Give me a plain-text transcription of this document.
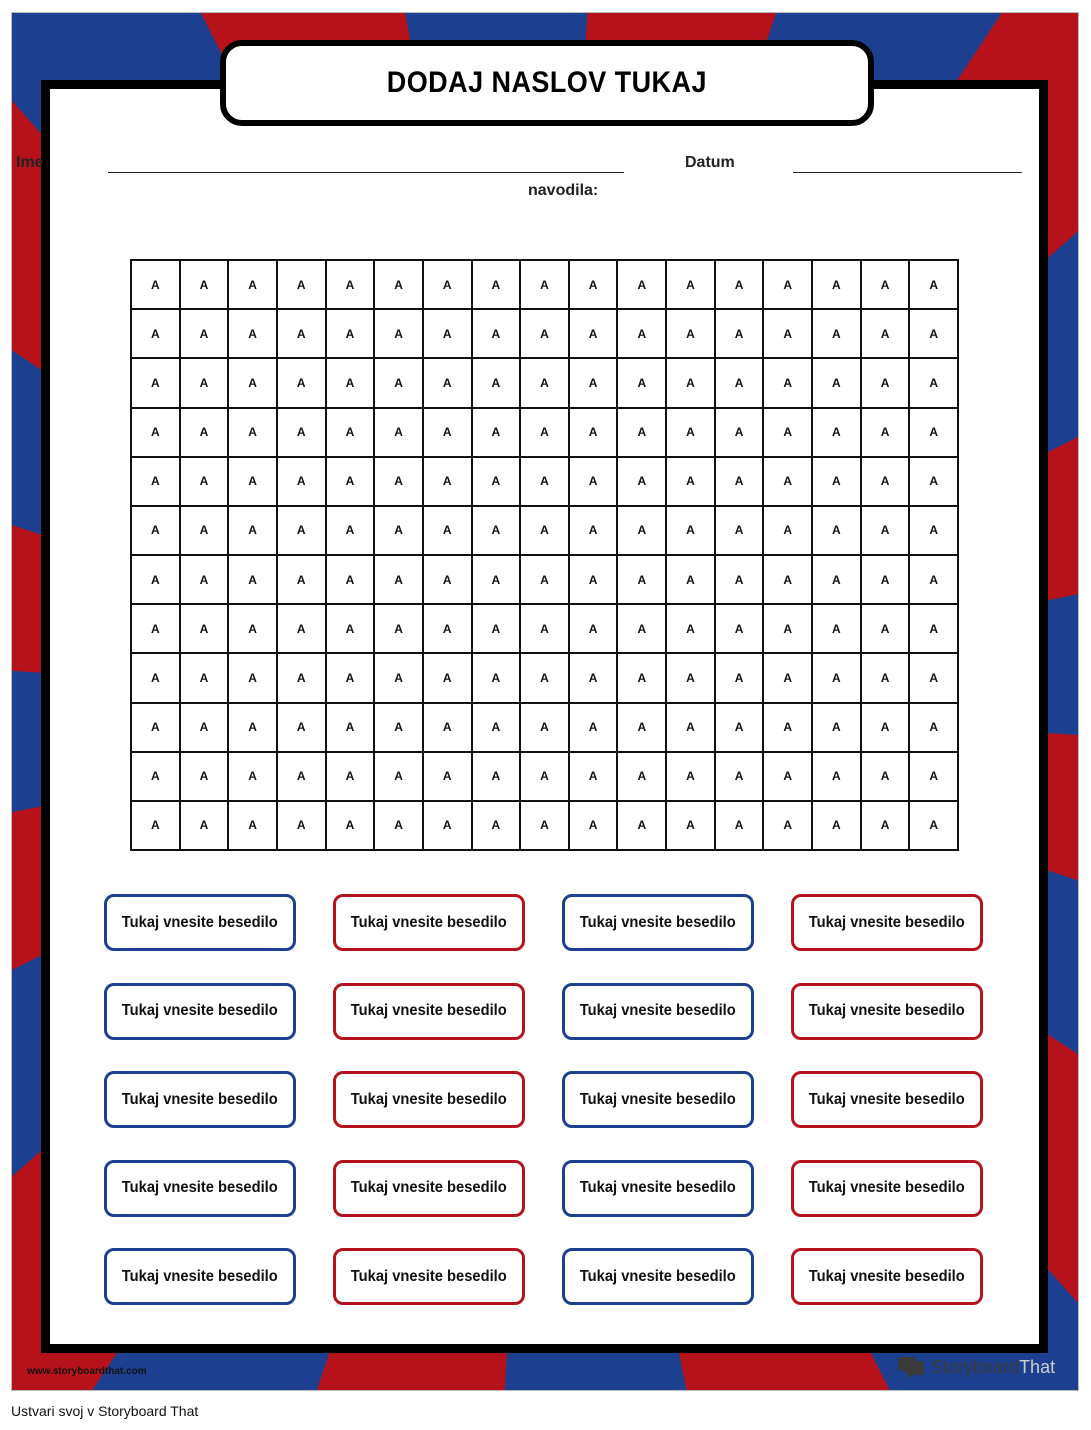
DODAJ NASLOV TUKAJ
Ime	Datum
navodila:
A	A	A	A	A	A	A	A	A	A	A	A	A	A	A	A	A
A	A	A	A	A	A	A	A	A	A	A	A	A	A	A	A	A
A	A	A	A	A	A	A	A	A	A	A	A	A	A	A	A	A
A	A	A	A	A	A	A	A	A	A	A	A	A	A	A	A	A
A	A	A	A	A	A	A	A	A	A	A	A	A	A	A	A	A
A	A	A	A	A	A	A	A	A	A	A	A	A	A	A	A	A
A	A	A	A	A	A	A	A	A	A	A	A	A	A	A	A	A
A	A	A	A	A	A	A	A	A	A	A	A	A	A	A	A	A
A	A	A	A	A	A	A	A	A	A	A	A	A	A	A	A	A
A	A	A	A	A	A	A	A	A	A	A	A	A	A	A	A	A
A	A	A	A	A	A	A	A	A	A	A	A	A	A	A	A	A
A	A	A	A	A	A	A	A	A	A	A	A	A	A	A	A	A
Tukaj vnesite besedilo	Tukaj vnesite besedilo	Tukaj vnesite besedilo	Tukaj vnesite besedilo
Tukaj vnesite besedilo	Tukaj vnesite besedilo	Tukaj vnesite besedilo	Tukaj vnesite besedilo
Tukaj vnesite besedilo	Tukaj vnesite besedilo	Tukaj vnesite besedilo	Tukaj vnesite besedilo
Tukaj vnesite besedilo	Tukaj vnesite besedilo	Tukaj vnesite besedilo	Tukaj vnesite besedilo
Tukaj vnesite besedilo	Tukaj vnesite besedilo	Tukaj vnesite besedilo	Tukaj vnesite besedilo
www.storyboardthat.com	StoryboardThat
Ustvari svoj v Storyboard That
